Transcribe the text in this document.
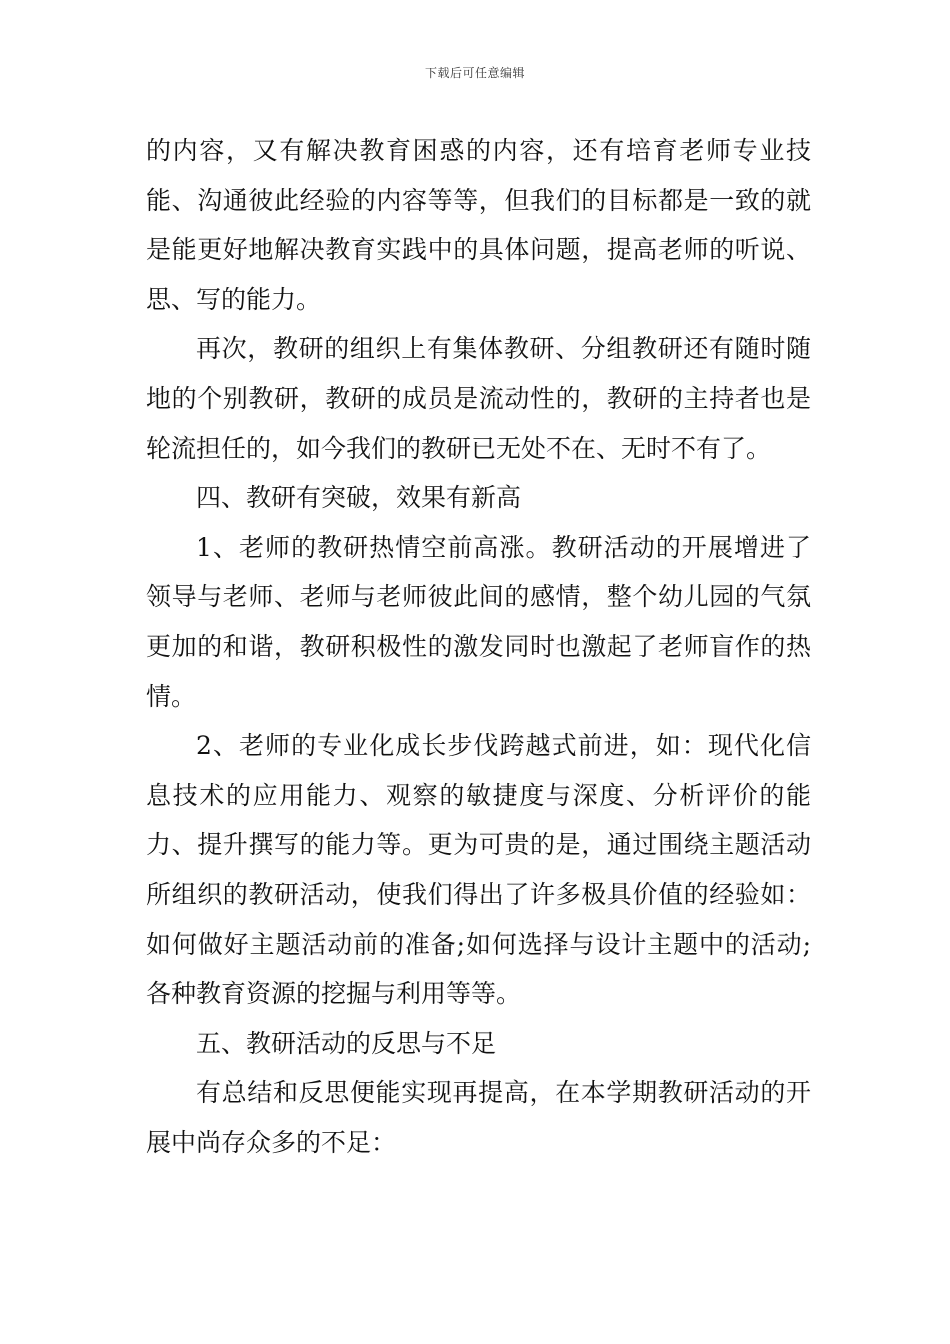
下载后可任意编辑

的内容，又有解决教育困惑的内容，还有培育老师专业技能、沟通彼此经验的内容等等，但我们的目标都是一致的就是能更好地解决教育实践中的具体问题，提高老师的听说、思、写的能力。

再次，教研的组织上有集体教研、分组教研还有随时随地的个别教研，教研的成员是流动性的，教研的主持者也是轮流担任的，如今我们的教研已无处不在、无时不有了。

四、教研有突破，效果有新高

1、老师的教研热情空前高涨。教研活动的开展增进了领导与老师、老师与老师彼此间的感情，整个幼儿园的气氛更加的和谐，教研积极性的激发同时也激起了老师盲作的热情。

2、老师的专业化成长步伐跨越式前进，如：现代化信息技术的应用能力、观察的敏捷度与深度、分析评价的能力、提升撰写的能力等。更为可贵的是，通过围绕主题活动所组织的教研活动，使我们得出了许多极具价值的经验如：如何做好主题活动前的准备;如何选择与设计主题中的活动;各种教育资源的挖掘与利用等等。

五、教研活动的反思与不足

有总结和反思便能实现再提高，在本学期教研活动的开展中尚存众多的不足：
